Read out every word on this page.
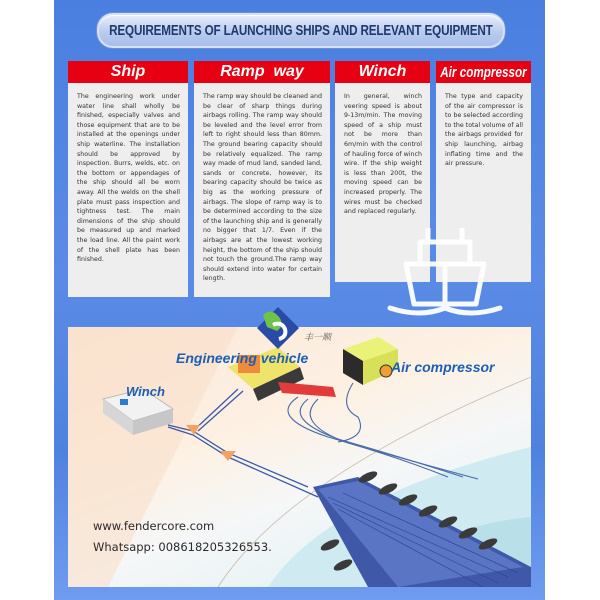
REQUIREMENTS OF LAUNCHING SHIPS AND RELEVANT EQUIPMENT
Ship
The engineering work under water line shall wholly be finished, especially valves and those equipment that are to be installed at the openings under ship waterline. The installation should be approved by inspection. Burrs, welds, etc. on the bottom or appendages of the ship should all be worn away. All the welds on the shell plate must pass inspection and tightness test. The main dimensions of the ship should be measured up and marked the load line. All the paint work of the shell plate has been finished.
Ramp  way
The ramp way should be cleaned and be clear of sharp things during airbags rolling. The ramp way should be leveled and the level error from left to right should less than 80mm. The ground bearing capacity should be relatively equalized. The ramp way made of mud land, sanded land, sands or concrete, however, its bearing capacity should be twice as big as the working pressure of airbags. The slope of ramp way is to be determined according to the size of the launching ship and is generally no bigger that 1/7. Even if the airbags are at the lowest working height, the bottom of the ship should not touch the ground.The ramp way should extend into water for certain length.
Winch
In general, winch veering speed is about 9-13m/min. The moving speed of a ship must not be more than 6m/min with the control of hauling force of winch wire. If the ship weight is less than 200t, the moving speed can be increased properly. The wires must be checked and replaced regularly.
Air compressor
The type and capacity of the air compressor is to be selected according to the total volume of all the airbags provided for ship launching, airbag inflating time and the air pressure.
丰一顺
Engineering vehicle
Air compressor
Winch
www.fendercore.com
Whatsapp: 008618205326553.
